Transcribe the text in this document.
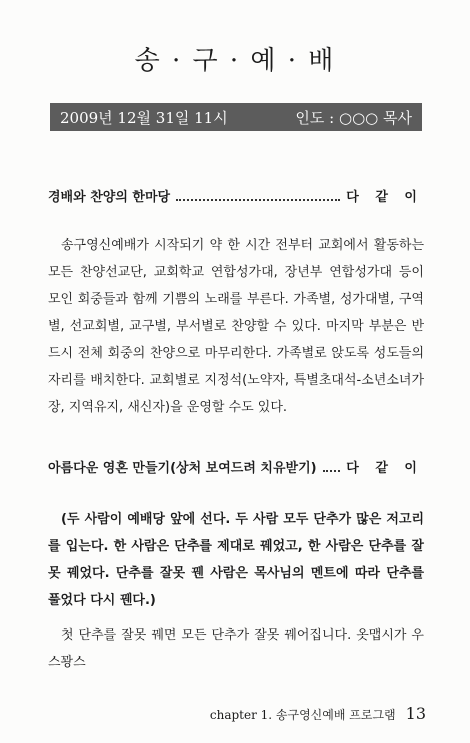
송 · 구 · 예 · 배
2009년 12월 31일 11시	인도 : ○○○ 목사
경배와 찬양의 한마당	다 같 이
송구영신예배가 시작되기 약 한 시간 전부터 교회에서 활동하는 모든 찬양선교단, 교회학교 연합성가대, 장년부 연합성가대 등이 모인 회중들과 함께 기쁨의 노래를 부른다. 가족별, 성가대별, 구역별, 선교회별, 교구별, 부서별로 찬양할 수 있다. 마지막 부분은 반드시 전체 회중의 찬양으로 마무리한다. 가족별로 앉도록 성도들의 자리를 배치한다. 교회별로 지정석(노약자, 특별초대석-소년소녀가장, 지역유지, 새신자)을 운영할 수도 있다.
아름다운 영혼 만들기(상처 보여드려 치유받기) 다 같 이
(두 사람이 예배당 앞에 선다. 두 사람 모두 단추가 많은 저고리를 입는다. 한 사람은 단추를 제대로 꿰었고, 한 사람은 단추를 잘못 꿰었다. 단추를 잘못 꿴 사람은 목사님의 멘트에 따라 단추를 풀었다 다시 꿴다.)
첫 단추를 잘못 꿰면 모든 단추가 잘못 꿰어집니다. 옷맵시가 우스꽝스
chapter 1. 송구영신예배 프로그램 13
